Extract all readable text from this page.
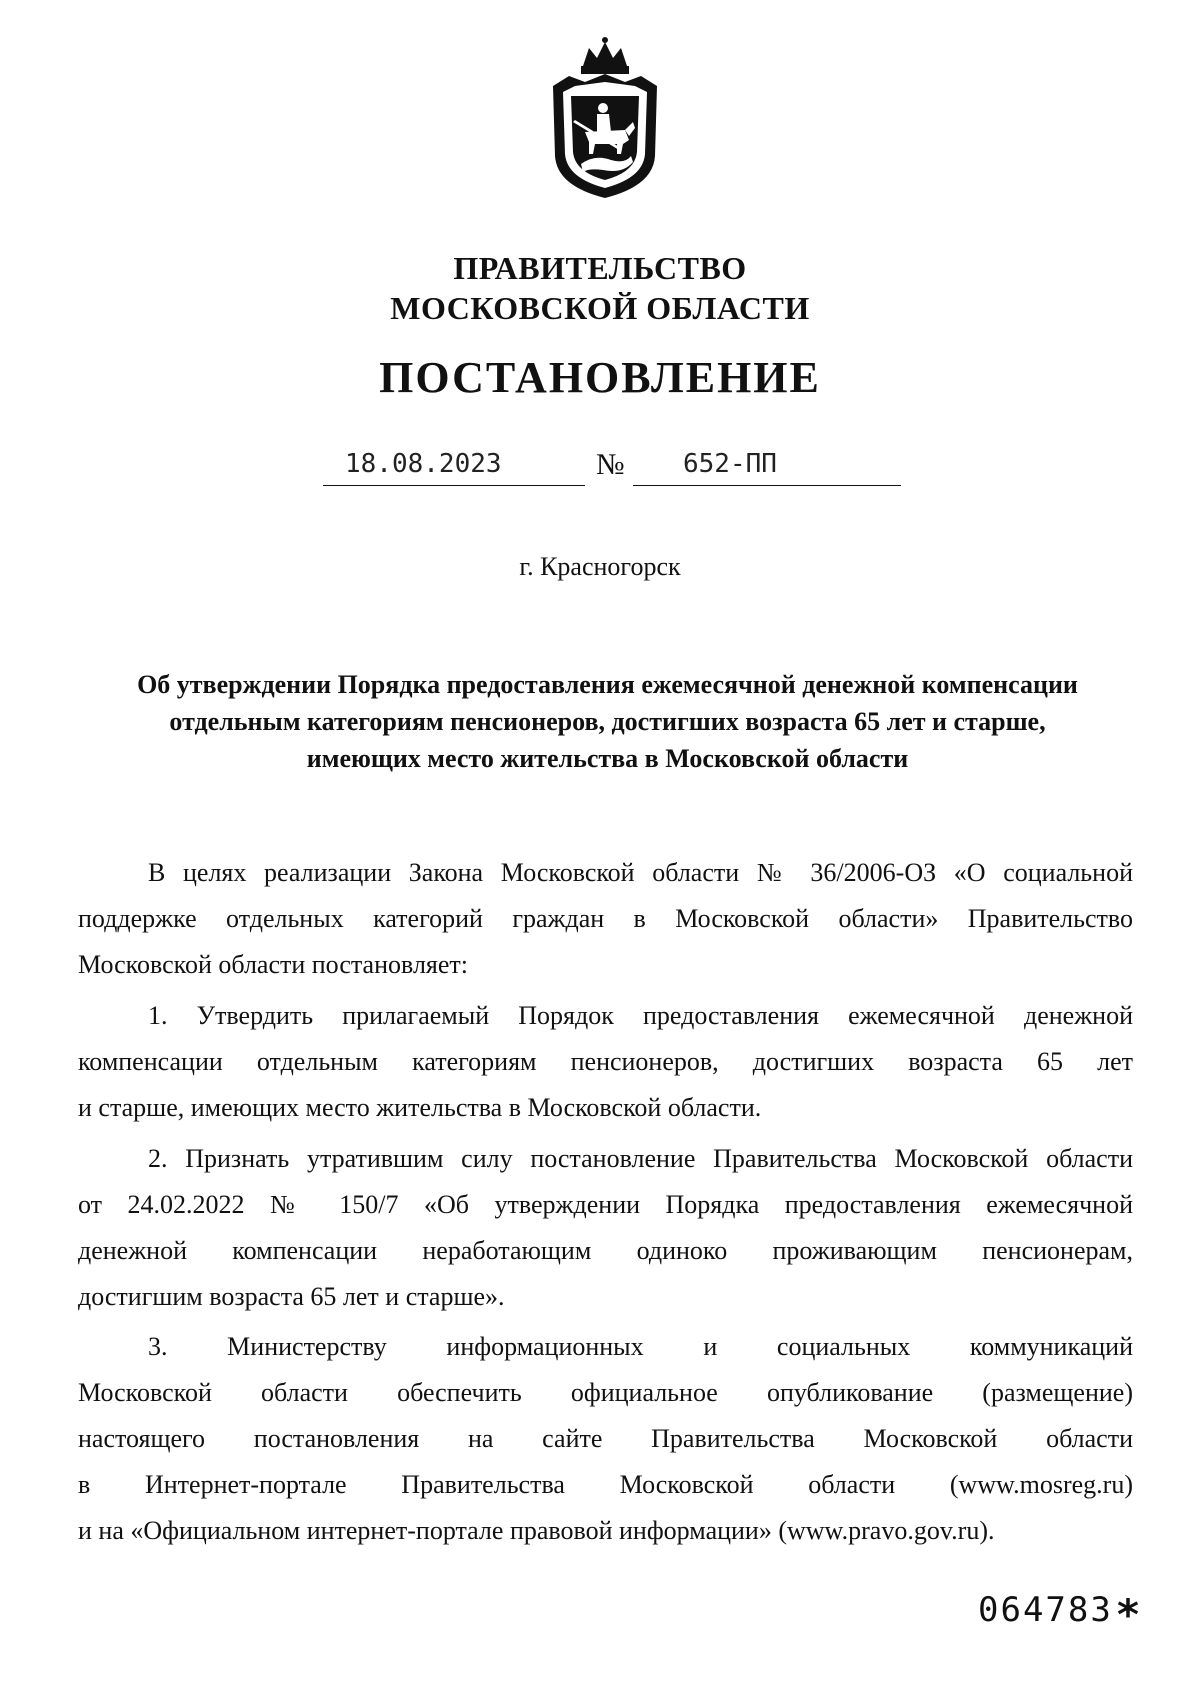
ПРАВИТЕЛЬСТВО
МОСКОВСКОЙ ОБЛАСТИ
ПОСТАНОВЛЕНИЕ
18.08.2023	№ 652-ПП
г. Красногорск
Об утверждении Порядка предоставления ежемесячной денежной компенсации
отдельным категориям пенсионеров, достигших возраста 65 лет и старше,
имеющих место жительства в Московской области
В целях реализации Закона Московской области № 36/2006-ОЗ «О социальной
поддержке отдельных категорий граждан в Московской области» Правительство
Московской области постановляет:
1. Утвердить прилагаемый Порядок предоставления ежемесячной денежной
компенсации отдельным категориям пенсионеров, достигших возраста 65 лет
и старше, имеющих место жительства в Московской области.
2. Признать утратившим силу постановление Правительства Московской области
от 24.02.2022 № 150/7 «Об утверждении Порядка предоставления ежемесячной
денежной компенсации неработающим одиноко проживающим пенсионерам,
достигшим возраста 65 лет и старше».
3. Министерству информационных и социальных коммуникаций
Московской области обеспечить официальное опубликование (размещение)
настоящего постановления на сайте Правительства Московской области
в Интернет-портале Правительства Московской области (www.mosreg.ru)
и на «Официальном интернет-портале правовой информации» (www.pravo.gov.ru).
064783 *
